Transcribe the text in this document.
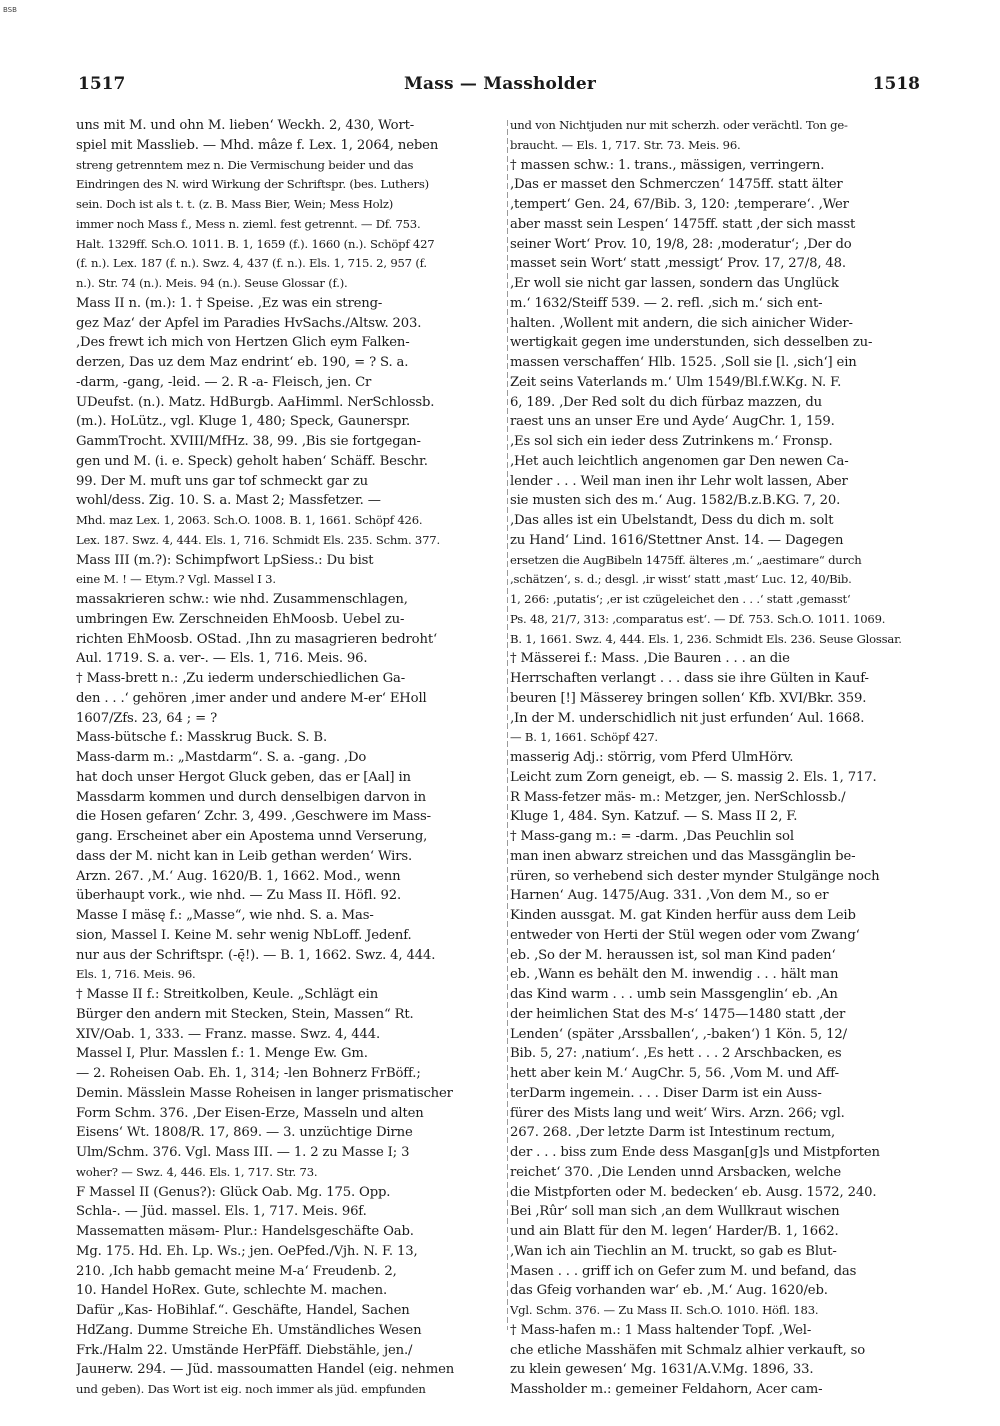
BSB
1517	Mass — Massholder	1518
uns mit M. und ohn M. lieben‘ Weckh. 2, 430, Wort-
spiel mit Masslieb. — Mhd. mâze f. Lex. 1, 2064, neben
streng getrenntem mez n. Die Vermischung beider und das
Eindringen des N. wird Wirkung der Schriftspr. (bes. Luthers)
sein. Doch ist als t. t. (z. B. Mass Bier, Wein; Mess Holz)
immer noch Mass f., Mess n. zieml. fest getrennt. — Df. 753.
Halt. 1329ff. Sch.O. 1011. B. 1, 1659 (f.). 1660 (n.). Schöpf 427
(f. n.). Lex. 187 (f. n.). Swz. 4, 437 (f. n.). Els. 1, 715. 2, 957 (f.
n.). Str. 74 (n.). Meis. 94 (n.). Seuse Glossar (f.).
Mass II n. (m.): 1. † Speise. ‚Ez was ein streng-
gez Maz‘ der Apfel im Paradies HvSachs./Altsw. 203.
‚Des frewt ich mich von Hertzen Glich eym Falken-
derzen, Das uz dem Maz endrint‘ eb. 190, = ? S. a.
-darm, -gang, -leid. — 2. R -a- Fleisch, jen. Cr
UDeufst. (n.). Matz. HdBurgb. AaHimml. NerSchlossb.
(m.). HoLütz., vgl. Kluge 1, 480; Speck, Gaunerspr.
GammTrocht. XVIII/MfHz. 38, 99. ‚Bis sie fortgegan-
gen und M. (i. e. Speck) geholt haben‘ Schäff. Beschr.
99. Der M. muft uns gar tof schmeckt gar zu
wohl/dess. Zig. 10. S. a. Mast 2; Massfetzer. —
Mhd. maz Lex. 1, 2063. Sch.O. 1008. B. 1, 1661. Schöpf 426.
Lex. 187. Swz. 4, 444. Els. 1, 716. Schmidt Els. 235. Schm. 377.
Mass III (m.?): Schimpfwort LpSiess.: Du bist
eine M. ! — Etym.? Vgl. Massel I 3.
massakrieren schw.: wie nhd. Zusammenschlagen,
umbringen Ew. Zerschneiden EhMoosb. Uebel zu-
richten EhMoosb. OStad. ‚Ihn zu masagrieren bedroht‘
Aul. 1719. S. a. ver-. — Els. 1, 716. Meis. 96.
† Mass-brett n.: ‚Zu iederm underschiedlichen Ga-
den . . .‘ gehören ‚imer ander und andere M-er‘ EHoll
1607/Zfs. 23, 64 ; = ?
Mass-bütsche f.: Masskrug Buck. S. B.
Mass-darm m.: „Mastdarm“. S. a. -gang. ‚Do
hat doch unser Hergot Gluck geben, das er [Aal] in
Massdarm kommen und durch denselbigen darvon in
die Hosen gefaren‘ Zchr. 3, 499. ‚Geschwere im Mass-
gang. Erscheinet aber ein Apostema unnd Verserung,
dass der M. nicht kan in Leib gethan werden‘ Wirs.
Arzn. 267. ‚M.‘ Aug. 1620/B. 1, 1662. Mod., wenn
überhaupt vork., wie nhd. — Zu Mass II. Höfl. 92.
Masse I mäsę f.: „Masse“, wie nhd. S. a. Mas-
sion, Massel I. Keine M. sehr wenig NbLoff. Jedenf.
nur aus der Schriftspr. (-ę̄!). — B. 1, 1662. Swz. 4, 444.
Els. 1, 716. Meis. 96.
† Masse II f.: Streitkolben, Keule. „Schlägt ein
Bürger den andern mit Stecken, Stein, Massen“ Rt.
XIV/Oab. 1, 333. — Franz. masse. Swz. 4, 444.
Massel I, Plur. Masslen f.: 1. Menge Ew. Gm.
— 2. Roheisen Oab. Eh. 1, 314; -len Bohnerz FrBöff.;
Demin. Mässlein Masse Roheisen in langer prismatischer
Form Schm. 376. ‚Der Eisen-Erze, Masseln und alten
Eisens‘ Wt. 1808/R. 17, 869. — 3. unzüchtige Dirne
Ulm/Schm. 376. Vgl. Mass III. — 1. 2 zu Masse I; 3
woher? — Swz. 4, 446. Els. 1, 717. Str. 73.
F Massel II (Genus?): Glück Oab. Mg. 175. Opp.
Schla-. — Jüd. massel. Els. 1, 717. Meis. 96f.
Massematten mäsəm- Plur.: Handelsgeschäfte Oab.
Mg. 175. Hd. Eh. Lp. Ws.; jen. OePfed./Vjh. N. F. 13,
210. ‚Ich habb gemacht meine M-a‘ Freudenb. 2,
10. Handel HoRex. Gute, schlechte M. machen.
Dafür „Kas- HoBihlaf.“. Geschäfte, Handel, Sachen
HdZang. Dumme Streiche Eh. Umständliches Wesen
Frk./Halm 22. Umstände HerPfäff. Diebstähle, jen./
Jauнerw. 294. — Jüd. massoumatten Handel (eig. nehmen
und geben). Das Wort ist eig. noch immer als jüd. empfunden
und von Nichtjuden nur mit scherzh. oder verächtl. Ton ge-
braucht. — Els. 1, 717. Str. 73. Meis. 96.
† massen schw.: 1. trans., mässigen, verringern.
‚Das er masset den Schmerczen‘ 1475ff. statt älter
‚tempert‘ Gen. 24, 67/Bib. 3, 120: ‚temperare‘. ‚Wer
aber masst sein Lespen‘ 1475ff. statt ‚der sich masst
seiner Wort‘ Prov. 10, 19/8, 28: ‚moderatur‘; ‚Der do
masset sein Wort‘ statt ‚messigt‘ Prov. 17, 27/8, 48.
‚Er woll sie nicht gar lassen, sondern das Unglück
m.‘ 1632/Steiff 539. — 2. refl. ‚sich m.‘ sich ent-
halten. ‚Wollent mit andern, die sich ainicher Wider-
wertigkait gegen ime understunden, sich desselben zu-
massen verschaffen‘ Hlb. 1525. ‚Soll sie [l. ‚sich‘] ein
Zeit seins Vaterlands m.‘ Ulm 1549/Bl.f.W.Kg. N. F.
6, 189. ‚Der Red solt du dich fürbaz mazzen, du
raest uns an unser Ere und Ayde‘ AugChr. 1, 159.
‚Es sol sich ein ieder dess Zutrinkens m.‘ Fronsp.
‚Het auch leichtlich angenomen gar Den newen Ca-
lender . . . Weil man inen ihr Lehr wolt lassen, Aber
sie musten sich des m.‘ Aug. 1582/B.z.B.KG. 7, 20.
‚Das alles ist ein Ubelstandt, Dess du dich m. solt
zu Hand‘ Lind. 1616/Stettner Anst. 14. — Dagegen
ersetzen die AugBibeln 1475ff. älteres ‚m.‘ „aestimare“ durch
‚schätzen‘, s. d.; desgl. ‚ir wisst‘ statt ‚mast‘ Luc. 12, 40/Bib.
1, 266: ‚putatis‘; ‚er ist czügeleichet den . . .‘ statt ‚gemasst‘
Ps. 48, 21/7, 313: ‚comparatus est‘. — Df. 753. Sch.O. 1011. 1069.
B. 1, 1661. Swz. 4, 444. Els. 1, 236. Schmidt Els. 236. Seuse Glossar.
† Mässerei f.: Mass. ‚Die Bauren . . . an die
Herrschaften verlangt . . . dass sie ihre Gülten in Kauf-
beuren [!] Mässerey bringen sollen‘ Kfb. XVI/Bkr. 359.
‚In der M. underschidlich nit just erfunden‘ Aul. 1668.
— B. 1, 1661. Schöpf 427.
masserig Adj.: störrig, vom Pferd UlmHörv.
Leicht zum Zorn geneigt, eb. — S. massig 2. Els. 1, 717.
R Mass-fetzer mäs- m.: Metzger, jen. NerSchlossb./
Kluge 1, 484. Syn. Katzuf. — S. Mass II 2, F.
† Mass-gang m.: = -darm. ‚Das Peuchlin sol
man inen abwarz streichen und das Massgänglin be-
rüren, so verhebend sich dester mynder Stulgänge noch
Harnen‘ Aug. 1475/Aug. 331. ‚Von dem M., so er
Kinden aussgat. M. gat Kinden herfür auss dem Leib
entweder von Herti der Stül wegen oder vom Zwang‘
eb. ‚So der M. heraussen ist, sol man Kind paden‘
eb. ‚Wann es behält den M. inwendig . . . hält man
das Kind warm . . . umb sein Massgenglin‘ eb. ‚An
der heimlichen Stat des M-s‘ 1475—1480 statt ‚der
Lenden‘ (später ‚Arssballen‘, ‚-baken‘) 1 Kön. 5, 12/
Bib. 5, 27: ‚natium‘. ‚Es hett . . . 2 Arschbacken, es
hett aber kein M.‘ AugChr. 5, 56. ‚Vom M. und Aff-
terDarm ingemein. . . . Diser Darm ist ein Auss-
fürer des Mists lang und weit‘ Wirs. Arzn. 266; vgl.
267. 268. ‚Der letzte Darm ist Intestinum rectum,
der . . . biss zum Ende dess Masgan[g]s und Mistpforten
reichet‘ 370. ‚Die Lenden unnd Arsbacken, welche
die Mistpforten oder M. bedecken‘ eb. Ausg. 1572, 240.
Bei ‚Rûr‘ soll man sich ‚an dem Wullkraut wischen
und ain Blatt für den M. legen‘ Harder/B. 1, 1662.
‚Wan ich ain Tiechlin an M. truckt, so gab es Blut-
Masen . . . griff ich on Gefer zum M. und befand, das
das Gfeig vorhanden war‘ eb. ‚M.‘ Aug. 1620/eb.
Vgl. Schm. 376. — Zu Mass II. Sch.O. 1010. Höfl. 183.
† Mass-hafen m.: 1 Mass haltender Topf. ‚Wel-
che etliche Masshäfen mit Schmalz alhier verkauft, so
zu klein gewesen‘ Mg. 1631/A.V.Mg. 1896, 33.
Massholder m.: gemeiner Feldahorn, Acer cam-
